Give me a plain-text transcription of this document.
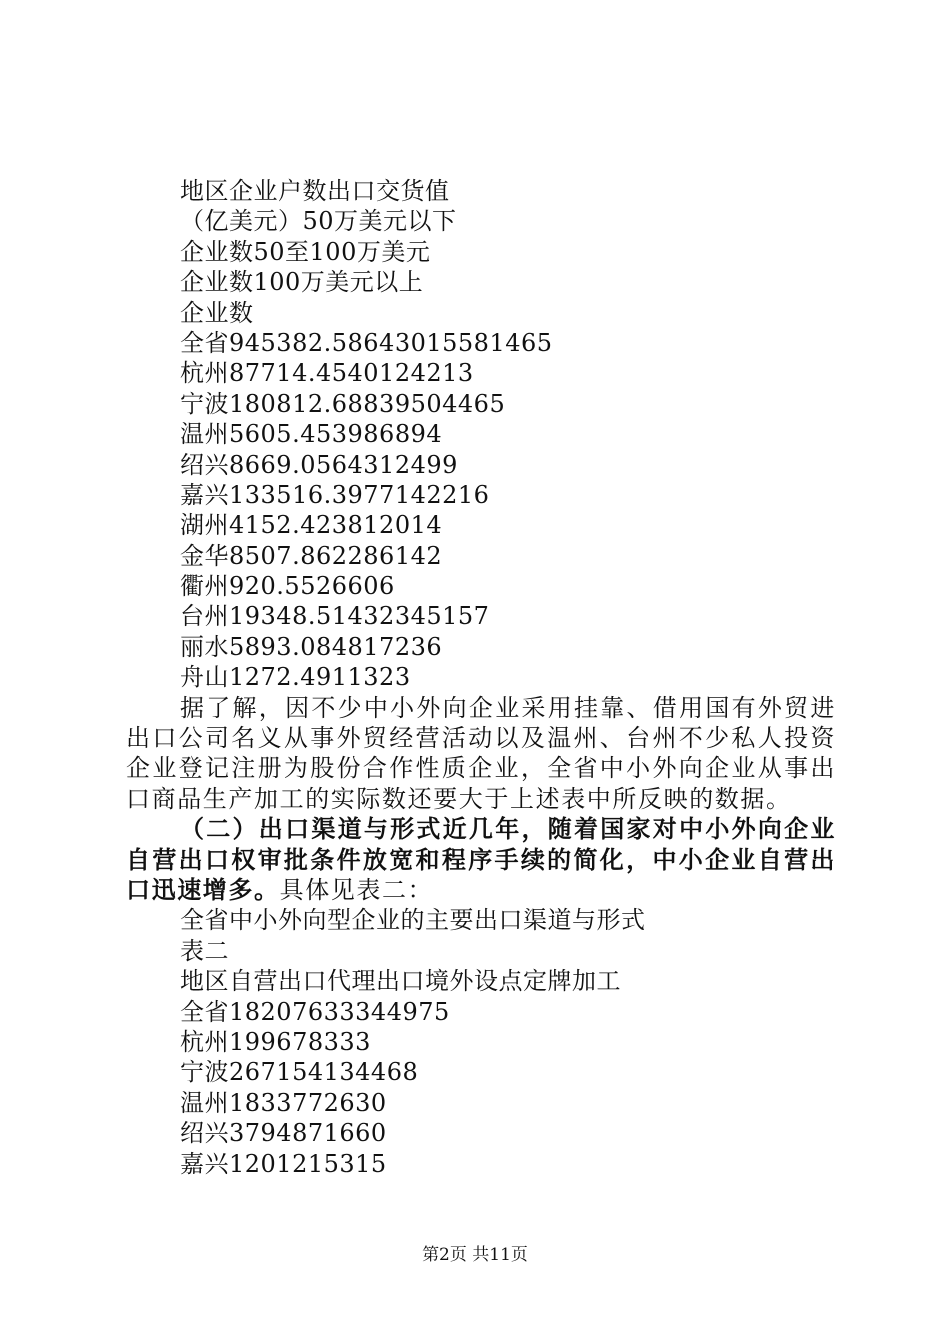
地区企业户数出口交货值
（亿美元）50万美元以下
企业数50至100万美元
企业数100万美元以上
企业数
全省945382.58643015581465
杭州87714.4540124213
宁波180812.68839504465
温州5605.453986894
绍兴8669.0564312499
嘉兴133516.3977142216
湖州4152.423812014
金华8507.862286142
衢州920.5526606
台州19348.51432345157
丽水5893.084817236
舟山1272.4911323

据了解，因不少中小外向企业采用挂靠、借用国有外贸进出口公司名义从事外贸经营活动以及温州、台州不少私人投资企业登记注册为股份合作性质企业，全省中小外向企业从事出口商品生产加工的实际数还要大于上述表中所反映的数据。

（二）出口渠道与形式近几年，随着国家对中小外向企业自营出口权审批条件放宽和程序手续的简化，中小企业自营出口迅速增多。具体见表二：

全省中小外向型企业的主要出口渠道与形式
表二
地区自营出口代理出口境外设点定牌加工
全省18207633344975
杭州199678333
宁波267154134468
温州1833772630
绍兴3794871660
嘉兴1201215315
第2页 共11页
